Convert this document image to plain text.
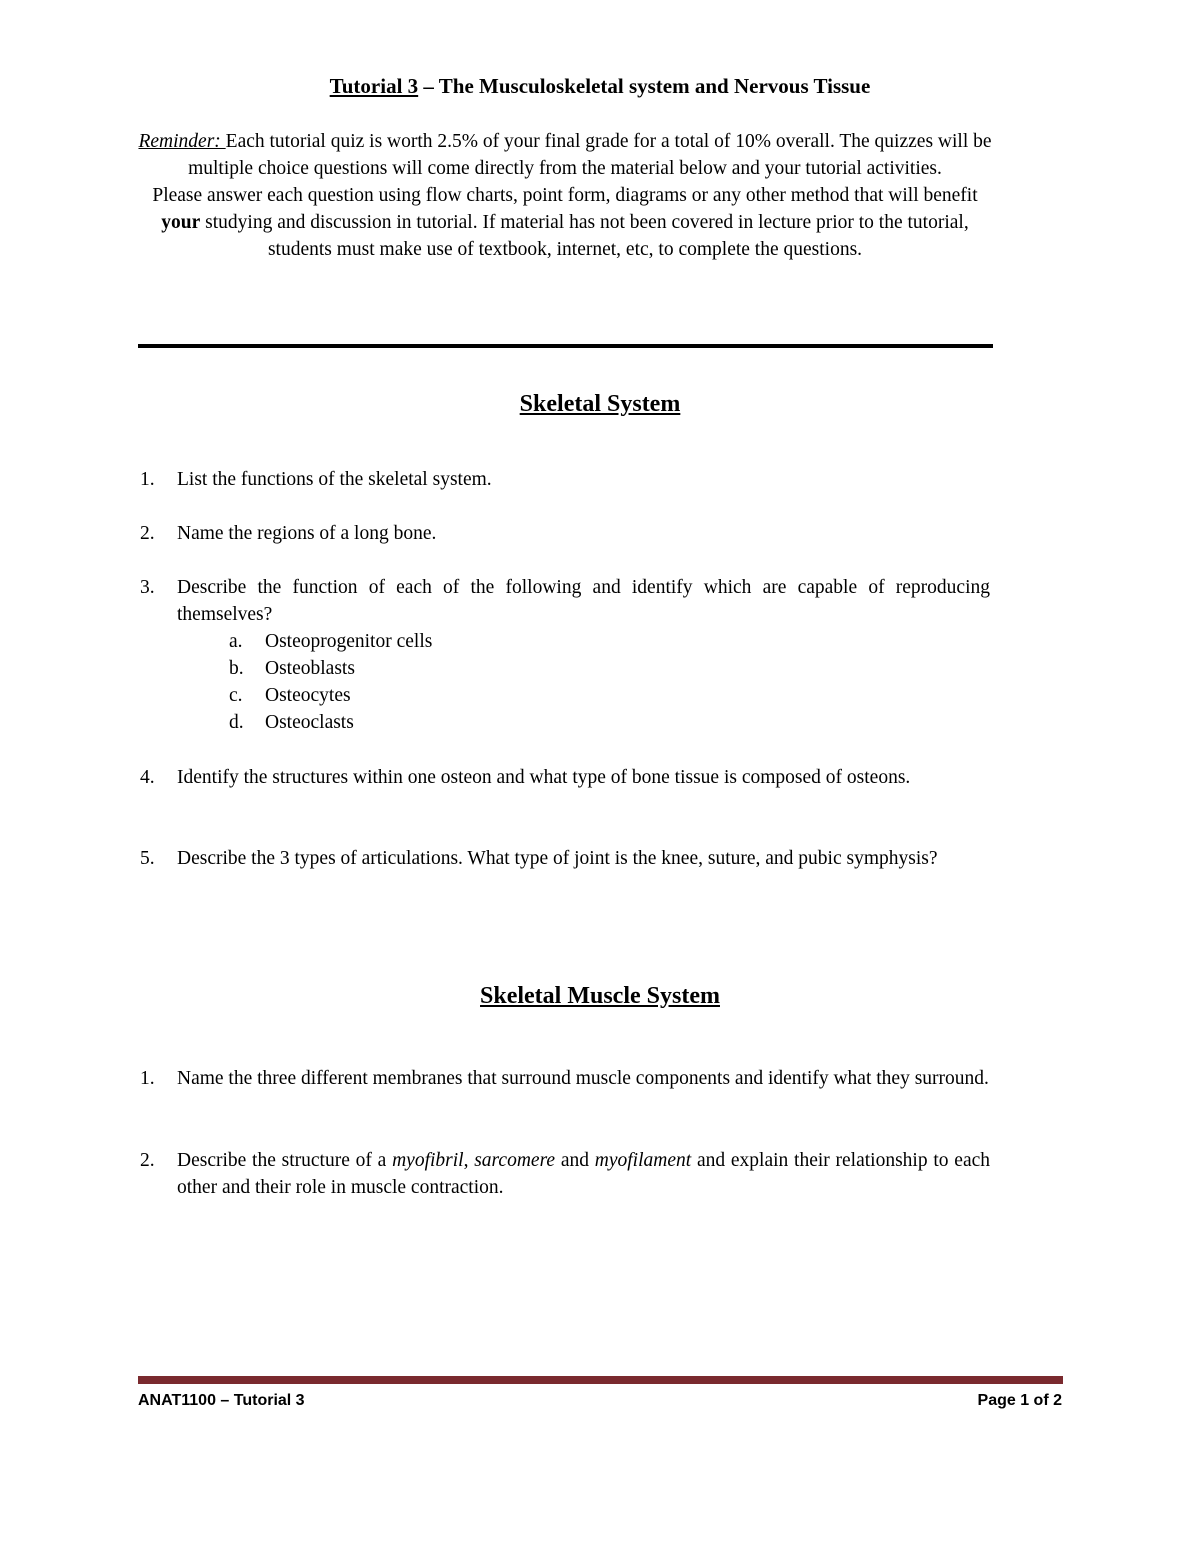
Tutorial 3 – The Musculoskeletal system and Nervous Tissue
Reminder: Each tutorial quiz is worth 2.5% of your final grade for a total of 10% overall. The quizzes will be multiple choice questions will come directly from the material below and your tutorial activities.
Please answer each question using flow charts, point form, diagrams or any other method that will benefit your studying and discussion in tutorial. If material has not been covered in lecture prior to the tutorial, students must make use of textbook, internet, etc, to complete the questions.
Skeletal System
1. List the functions of the skeletal system.
2. Name the regions of a long bone.
3. Describe the function of each of the following and identify which are capable of reproducing themselves?
a. Osteoprogenitor cells
b. Osteoblasts
c. Osteocytes
d. Osteoclasts
4. Identify the structures within one osteon and what type of bone tissue is composed of osteons.
5. Describe the 3 types of articulations. What type of joint is the knee, suture, and pubic symphysis?
Skeletal Muscle System
1. Name the three different membranes that surround muscle components and identify what they surround.
2. Describe the structure of a myofibril, sarcomere and myofilament and explain their relationship to each other and their role in muscle contraction.
ANAT1100 – Tutorial 3	Page 1 of 2
